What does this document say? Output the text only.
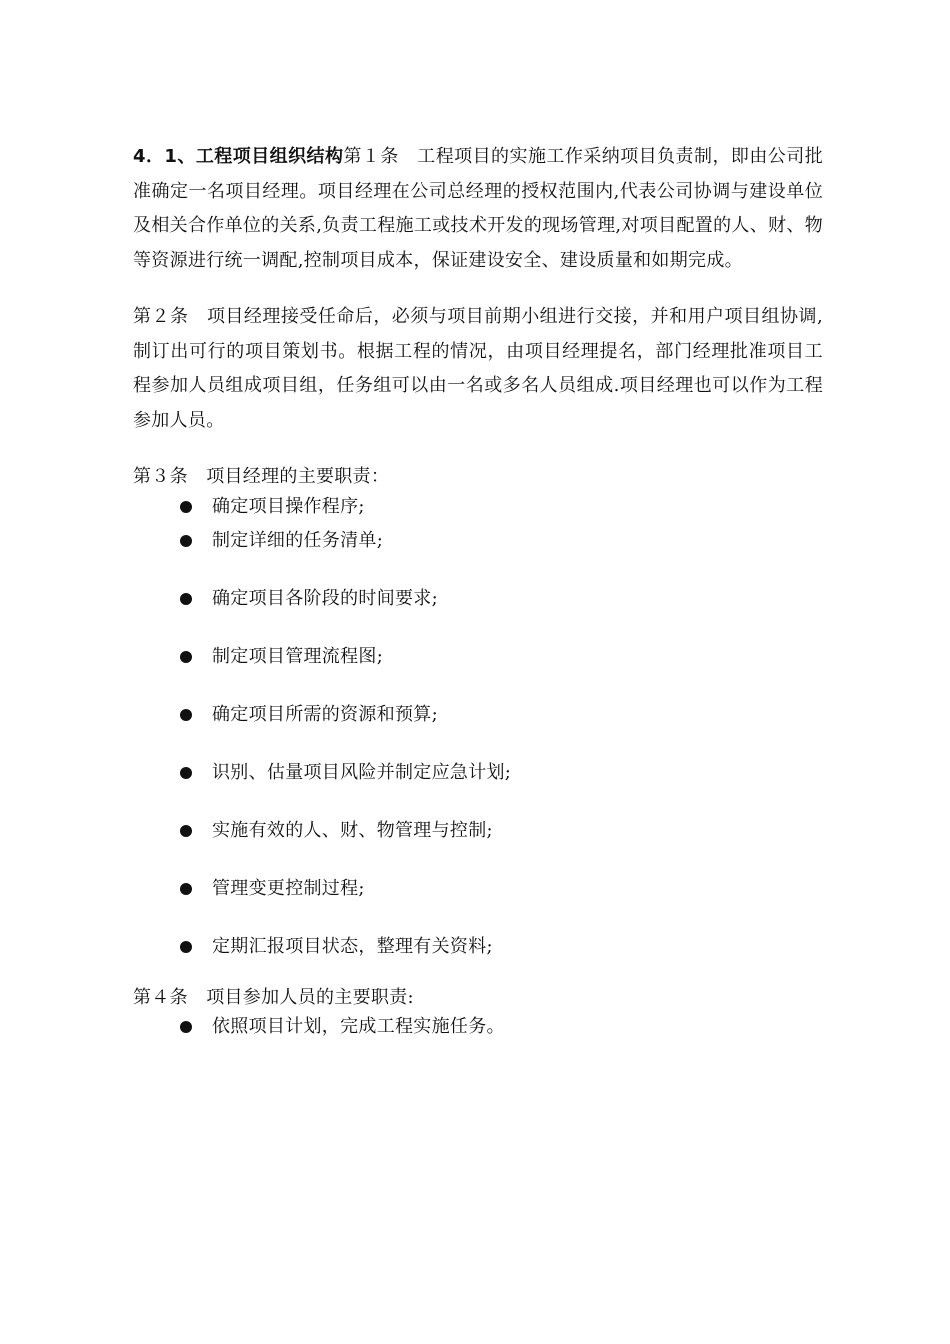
4．1、工程项目组织结构第１条　工程项目的实施工作采纳项目负责制，即由公司批准确定一名项目经理。项目经理在公司总经理的授权范围内,代表公司协调与建设单位及相关合作单位的关系,负责工程施工或技术开发的现场管理,对项目配置的人、财、物等资源进行统一调配,控制项目成本，保证建设安全、建设质量和如期完成。

第２条　项目经理接受任命后，必须与项目前期小组进行交接，并和用户项目组协调,制订出可行的项目策划书。根据工程的情况，由项目经理提名，部门经理批准项目工程参加人员组成项目组，任务组可以由一名或多名人员组成.项目经理也可以作为工程参加人员。

第３条　项目经理的主要职责：

确定项目操作程序;
制定详细的任务清单;
确定项目各阶段的时间要求;
制定项目管理流程图;
确定项目所需的资源和预算;
识别、估量项目风险并制定应急计划;
实施有效的人、财、物管理与控制;
管理变更控制过程;
定期汇报项目状态，整理有关资料;

第４条　项目参加人员的主要职责:

依照项目计划，完成工程实施任务。
